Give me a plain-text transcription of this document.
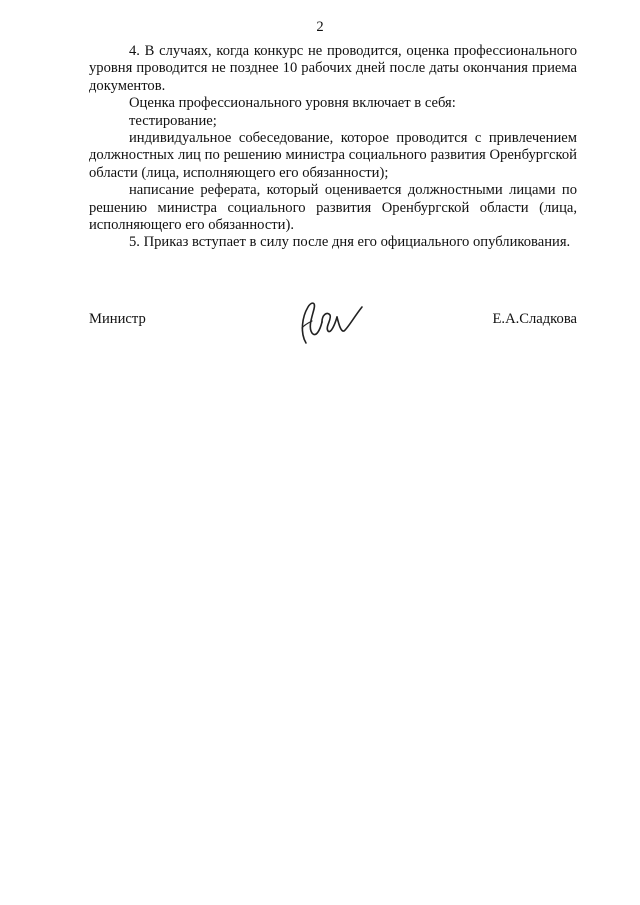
2

4. В случаях, когда конкурс не проводится, оценка профессионального уровня проводится не позднее 10 рабочих дней после даты окончания приема документов.

Оценка профессионального уровня включает в себя:

тестирование;

индивидуальное собеседование, которое проводится с привлечением должностных лиц по решению министра социального развития Оренбургской области (лица, исполняющего его обязанности);

написание реферата, который оценивается должностными лицами по решению министра социального развития Оренбургской области (лица, исполняющего его обязанности).

5. Приказ вступает в силу после дня его официального опубликования.

Министр	Е.А.Сладкова
